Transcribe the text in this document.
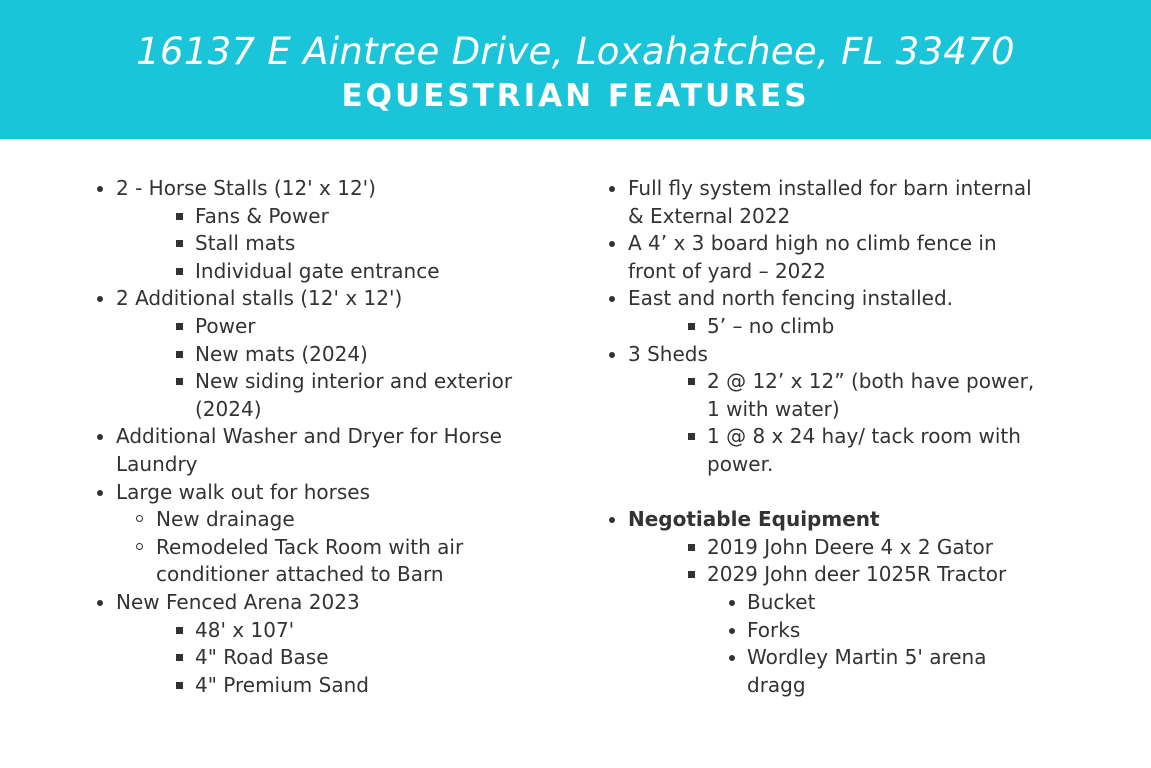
16137 E Aintree Drive, Loxahatchee, FL 33470
EQUESTRIAN FEATURES
2 - Horse Stalls (12' x 12')
Fans & Power
Stall mats
Individual gate entrance
2 Additional stalls (12' x 12')
Power
New mats (2024)
New siding interior and exterior (2024)
Additional Washer and Dryer for Horse Laundry
Large walk out for horses
New drainage
Remodeled Tack Room with air conditioner attached to Barn
New Fenced Arena 2023
48' x 107'
4" Road Base
4" Premium Sand
Full fly system installed for barn internal & External 2022
A 4’ x 3 board high no climb fence in front of yard – 2022
East and north fencing installed.
5’ – no climb
3 Sheds
2 @ 12’ x 12” (both have power, 1 with water)
1 @ 8 x 24 hay/ tack room with power.
Negotiable Equipment
2019 John Deere 4 x 2 Gator
2029 John deer 1025R Tractor
Bucket
Forks
Wordley Martin 5' arena dragg
